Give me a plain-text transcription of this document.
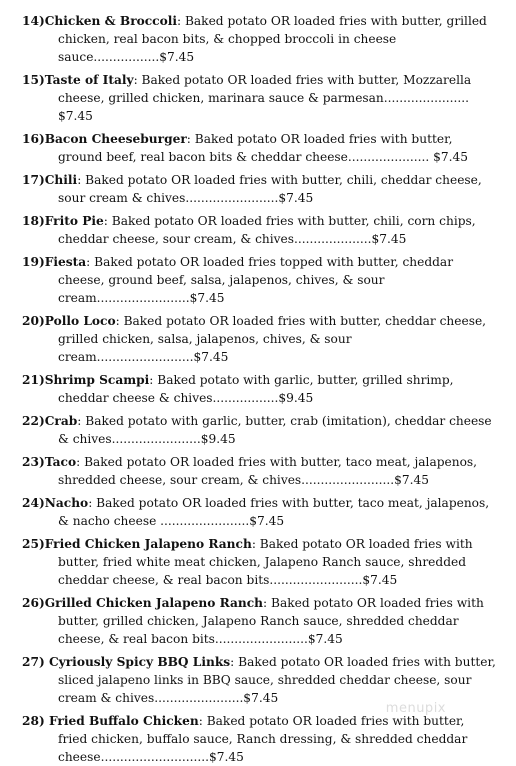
14)Chicken & Broccoli: Baked potato OR loaded fries with butter, grilled chicken, real bacon bits, & chopped broccoli in cheese sauce.................$7.45
15)Taste of Italy: Baked potato OR loaded fries with butter, Mozzarella cheese, grilled chicken, marinara sauce & parmesan...................... $7.45
16)Bacon Cheeseburger: Baked potato OR loaded fries with butter, ground beef, real bacon bits & cheddar cheese..................... $7.45
17)Chili: Baked potato OR loaded fries with butter, chili, cheddar cheese, sour cream & chives........................$7.45
18)Frito Pie: Baked potato OR loaded fries with butter, chili, corn chips, cheddar cheese, sour cream, & chives....................$7.45
19)Fiesta: Baked potato OR loaded fries topped with butter, cheddar cheese, ground beef, salsa, jalapenos, chives, & sour cream........................$7.45
20)Pollo Loco: Baked potato OR loaded fries with butter, cheddar cheese, grilled chicken, salsa, jalapenos, chives, & sour cream.........................$7.45
21)Shrimp Scampi: Baked potato with garlic, butter, grilled shrimp, cheddar cheese & chives.................$9.45
22)Crab: Baked potato with garlic, butter, crab (imitation), cheddar cheese & chives.......................$9.45
23)Taco: Baked potato OR loaded fries with butter, taco meat, jalapenos, shredded cheese, sour cream, & chives........................$7.45
24)Nacho: Baked potato OR loaded fries with butter, taco meat, jalapenos, & nacho cheese .......................$7.45
25)Fried Chicken Jalapeno Ranch: Baked potato OR loaded fries with butter, fried white meat chicken, Jalapeno Ranch sauce, shredded cheddar cheese, & real bacon bits........................$7.45
26)Grilled Chicken Jalapeno Ranch: Baked potato OR loaded fries with butter, grilled chicken, Jalapeno Ranch sauce, shredded cheddar cheese, & real bacon bits........................$7.45
27) Cyriously Spicy BBQ Links: Baked potato OR loaded fries with butter, sliced jalapeno links in BBQ sauce, shredded cheddar cheese, sour cream & chives.......................$7.45
28) Fried Buffalo Chicken: Baked potato OR loaded fries with butter, fried chicken, buffalo sauce, Ranch dressing, & shredded cheddar cheese............................$7.45
menupix
